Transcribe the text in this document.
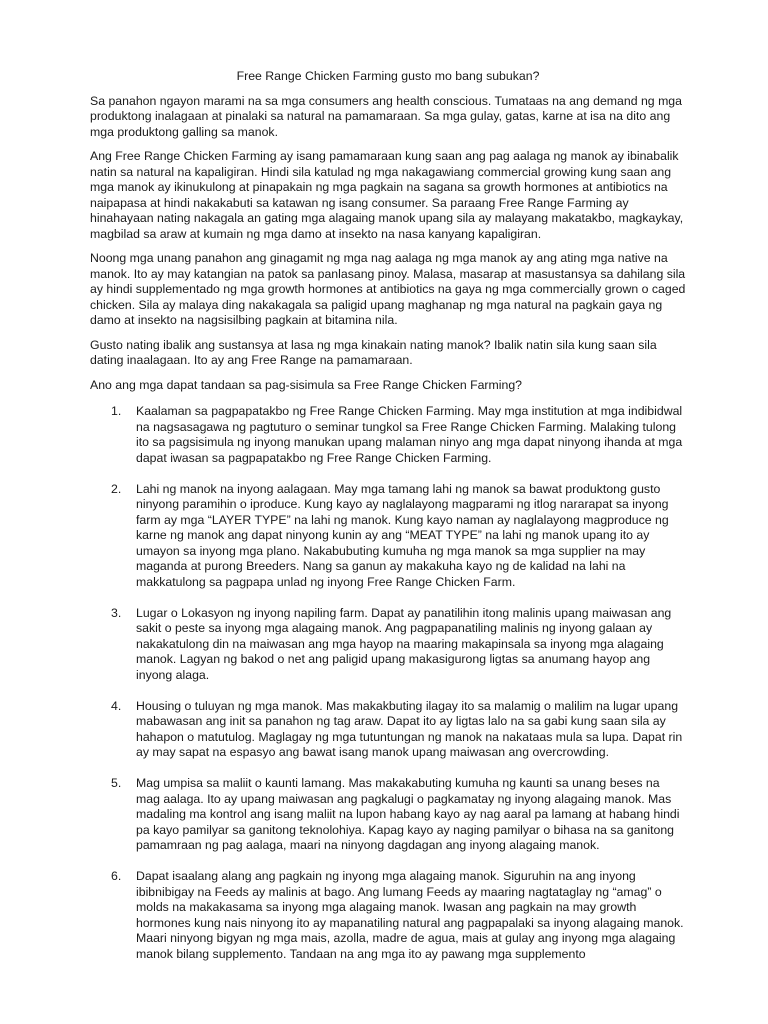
Free Range Chicken Farming gusto mo bang subukan?

Sa panahon ngayon marami na sa mga consumers ang health conscious. Tumataas na ang demand ng mga produktong inalagaan at pinalaki sa natural na pamamaraan. Sa mga gulay, gatas, karne at isa na dito ang mga produktong galling sa manok.

Ang Free Range Chicken Farming ay isang pamamaraan kung saan ang pag aalaga ng manok ay ibinabalik natin sa natural na kapaligiran. Hindi sila katulad ng mga nakagawiang commercial growing kung saan ang mga manok ay ikinukulong at pinapakain ng mga pagkain na sagana sa growth hormones at antibiotics na naipapasa at hindi nakakabuti sa katawan ng isang consumer. Sa paraang Free Range Farming ay hinahayaan nating nakagala an gating mga alagaing manok upang sila ay malayang makatakbo, magkaykay, magbilad sa araw at kumain ng mga damo at insekto na nasa kanyang kapaligiran.

Noong mga unang panahon ang ginagamit ng mga nag aalaga ng mga manok ay ang ating mga native na manok. Ito ay may katangian na patok sa panlasang pinoy. Malasa, masarap at masustansya sa dahilang sila ay hindi supplementado ng mga growth hormones at antibiotics na gaya ng mga commercially grown o caged chicken. Sila ay malaya ding nakakagala sa paligid upang maghanap ng mga natural na pagkain gaya ng damo at insekto na nagsisilbing pagkain at bitamina nila.

Gusto nating ibalik ang sustansya at lasa ng mga kinakain nating manok? Ibalik natin sila kung saan sila dating inaalagaan. Ito ay ang Free Range na pamamaraan.

Ano ang mga dapat tandaan sa pag-sisimula sa Free Range Chicken Farming?

1. Kaalaman sa pagpapatakbo ng Free Range Chicken Farming. May mga institution at mga indibidwal na nagsasagawa ng pagtuturo o seminar tungkol sa Free Range Chicken Farming. Malaking tulong ito sa pagsisimula ng inyong manukan upang malaman ninyo ang mga dapat ninyong ihanda at mga dapat iwasan sa pagpapatakbo ng Free Range Chicken Farming.
2. Lahi ng manok na inyong aalagaan. May mga tamang lahi ng manok sa bawat produktong gusto ninyong paramihin o iproduce. Kung kayo ay naglalayong magparami ng itlog nararapat sa inyong farm ay mga “LAYER TYPE” na lahi ng manok. Kung kayo naman ay naglalayong magproduce ng karne ng manok ang dapat ninyong kunin ay ang “MEAT TYPE” na lahi ng manok upang ito ay umayon sa inyong mga plano. Nakabubuting kumuha ng mga manok sa mga supplier na may maganda at purong Breeders. Nang sa ganun ay makakuha kayo ng de kalidad na lahi na makkatulong sa pagpapa unlad ng inyong Free Range Chicken Farm.
3. Lugar o Lokasyon ng inyong napiling farm. Dapat ay panatilihin itong malinis upang maiwasan ang sakit o peste sa inyong mga alagaing manok. Ang pagpapanatiling malinis ng inyong galaan ay nakakatulong din na maiwasan ang mga hayop na maaring makapinsala sa inyong mga alagaing manok. Lagyan ng bakod o net ang paligid upang makasigurong ligtas sa anumang hayop ang inyong alaga.
4. Housing o tuluyan ng mga manok. Mas makakbuting ilagay ito sa malamig o malilim na lugar upang mabawasan ang init sa panahon ng tag araw. Dapat ito ay ligtas lalo na sa gabi kung saan sila ay hahapon o matutulog. Maglagay ng mga tutuntungan ng manok na nakataas mula sa lupa. Dapat rin ay may sapat na espasyo ang bawat isang manok upang maiwasan ang overcrowding.
5. Mag umpisa sa maliit o kaunti lamang. Mas makakabuting kumuha ng kaunti sa unang beses na mag aalaga. Ito ay upang maiwasan ang pagkalugi o pagkamatay ng inyong alagaing manok. Mas madaling ma kontrol ang isang maliit na lupon habang kayo ay nag aaral pa lamang at habang hindi pa kayo pamilyar sa ganitong teknolohiya. Kapag kayo ay naging pamilyar o bihasa na sa ganitong pamamraan ng pag aalaga, maari na ninyong dagdagan ang inyong alagaing manok.
6. Dapat isaalang alang ang pagkain ng inyong mga alagaing manok. Siguruhin na ang inyong ibibnibigay na Feeds ay malinis at bago. Ang lumang Feeds ay maaring nagtataglay ng “amag” o molds na makakasama sa inyong mga alagaing manok. Iwasan ang pagkain na may growth hormones kung nais ninyong ito ay mapanatiling natural ang pagpapalaki sa inyong alagaing manok. Maari ninyong bigyan ng mga mais, azolla, madre de agua, mais at gulay ang inyong mga alagaing manok bilang supplemento. Tandaan na ang mga ito ay pawang mga supplemento
